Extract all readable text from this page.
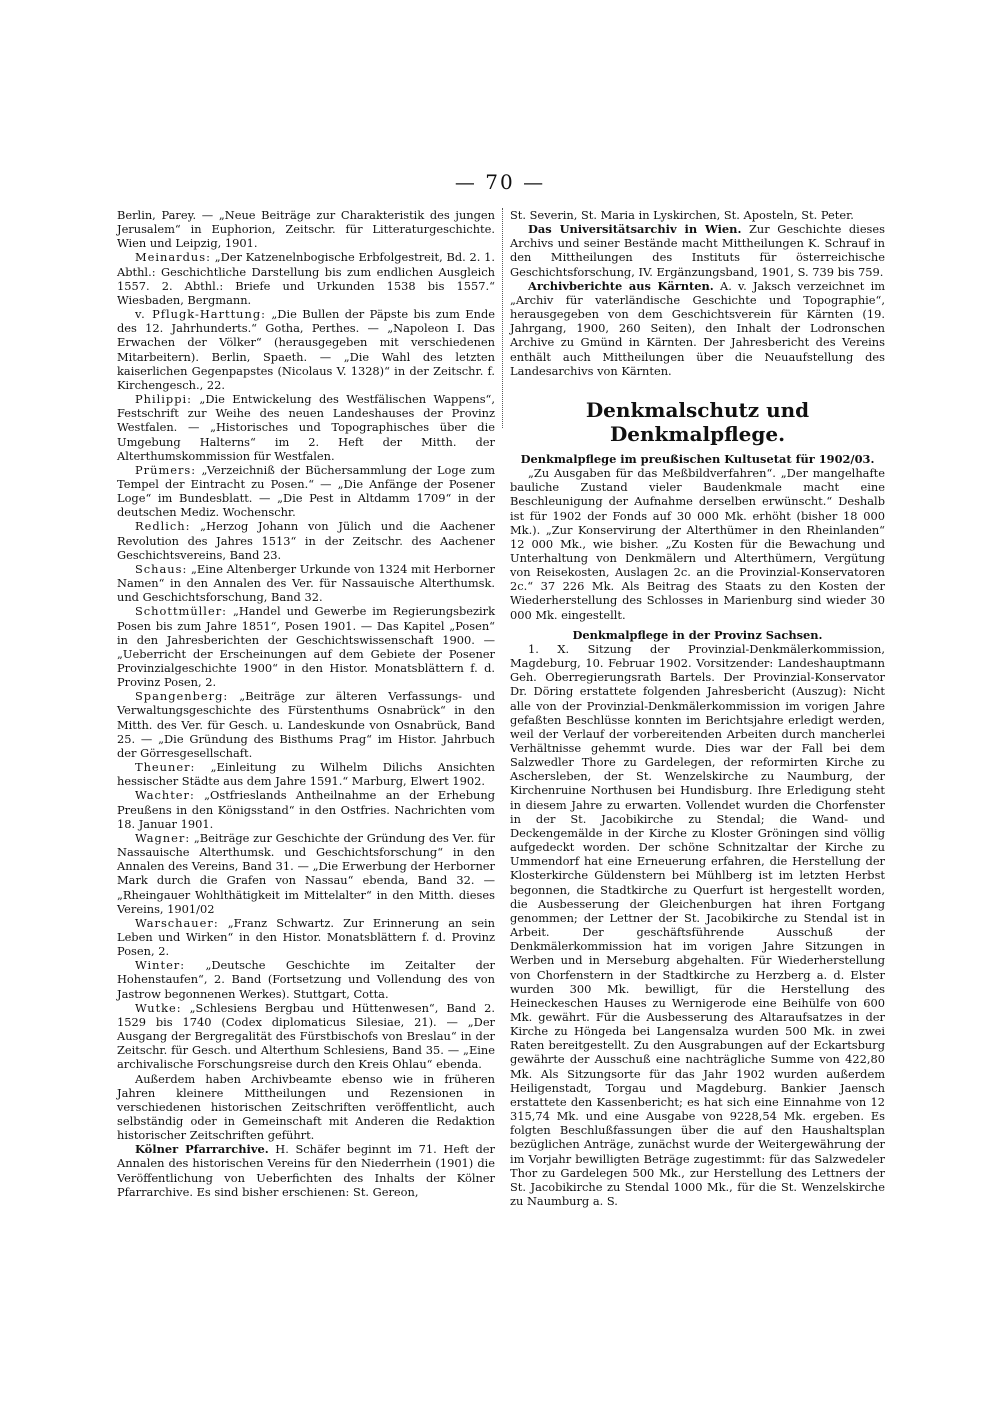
— 70 —

Berlin, Parey. — „Neue Beiträge zur Charakteristik des jungen Jerusalem“ in Euphorion, Zeitschr. für Litteraturgeschichte. Wien und Leipzig, 1901.

Meinardus: „Der Katzenelnbogische Erbfolgestreit, Bd. 2. 1. Abthl.: Geschichtliche Darstellung bis zum endlichen Ausgleich 1557. 2. Abthl.: Briefe und Urkunden 1538 bis 1557.“ Wiesbaden, Bergmann.

v. Pflugk-Harttung: „Die Bullen der Päpste bis zum Ende des 12. Jahrhunderts.“ Gotha, Perthes. — „Napoleon I. Das Erwachen der Völker“ (herausgegeben mit verschiedenen Mitarbeitern). Berlin, Spaeth. — „Die Wahl des letzten kaiserlichen Gegenpapstes (Nicolaus V. 1328)“ in der Zeitschr. f. Kirchengesch., 22.

Philippi: „Die Entwickelung des Westfälischen Wappens“, Festschrift zur Weihe des neuen Landeshauses der Provinz Westfalen. — „Historisches und Topographisches über die Umgebung Halterns“ im 2. Heft der Mitth. der Alterthumskommission für Westfalen.

Prümers: „Verzeichniß der Büchersammlung der Loge zum Tempel der Eintracht zu Posen.“ — „Die Anfänge der Posener Loge“ im Bundesblatt. — „Die Pest in Altdamm 1709“ in der deutschen Mediz. Wochenschr.

Redlich: „Herzog Johann von Jülich und die Aachener Revolution des Jahres 1513“ in der Zeitschr. des Aachener Geschichtsvereins, Band 23.

Schaus: „Eine Altenberger Urkunde von 1324 mit Herborner Namen“ in den Annalen des Ver. für Nassauische Alterthumsk. und Geschichtsforschung, Band 32.

Schottmüller: „Handel und Gewerbe im Regierungsbezirk Posen bis zum Jahre 1851“, Posen 1901. — Das Kapitel „Posen“ in den Jahresberichten der Geschichtswissenschaft 1900. — „Ueberricht der Erscheinungen auf dem Gebiete der Posener Provinzialgeschichte 1900“ in den Histor. Monatsblättern f. d. Provinz Posen, 2.

Spangenberg: „Beiträge zur älteren Verfassungs- und Verwaltungsgeschichte des Fürstenthums Osnabrück“ in den Mitth. des Ver. für Gesch. u. Landeskunde von Osnabrück, Band 25. — „Die Gründung des Bisthums Prag“ im Histor. Jahrbuch der Görresgesellschaft.

Theuner: „Einleitung zu Wilhelm Dilichs Ansichten hessischer Städte aus dem Jahre 1591.“ Marburg, Elwert 1902.

Wachter: „Ostfrieslands Antheilnahme an der Erhebung Preußens in den Königsstand“ in den Ostfries. Nachrichten vom 18. Januar 1901.

Wagner: „Beiträge zur Geschichte der Gründung des Ver. für Nassauische Alterthumsk. und Geschichtsforschung“ in den Annalen des Vereins, Band 31. — „Die Erwerbung der Herborner Mark durch die Grafen von Nassau“ ebenda, Band 32. — „Rheingauer Wohlthätigkeit im Mittelalter“ in den Mitth. dieses Vereins, 1901/02

Warschauer: „Franz Schwartz. Zur Erinnerung an sein Leben und Wirken“ in den Histor. Monatsblättern f. d. Provinz Posen, 2.

Winter: „Deutsche Geschichte im Zeitalter der Hohenstaufen“, 2. Band (Fortsetzung und Vollendung des von Jastrow begonnenen Werkes). Stuttgart, Cotta.

Wutke: „Schlesiens Bergbau und Hüttenwesen“, Band 2. 1529 bis 1740 (Codex diplomaticus Silesiae, 21). — „Der Ausgang der Bergregalität des Fürstbischofs von Breslau“ in der Zeitschr. für Gesch. und Alterthum Schlesiens, Band 35. — „Eine archivalische Forschungsreise durch den Kreis Ohlau“ ebenda.

Außerdem haben Archivbeamte ebenso wie in früheren Jahren kleinere Mittheilungen und Rezensionen in verschiedenen historischen Zeitschriften veröffentlicht, auch selbständig oder in Gemeinschaft mit Anderen die Redaktion historischer Zeitschriften geführt.

Kölner Pfarrarchive. H. Schäfer beginnt im 71. Heft der Annalen des historischen Vereins für den Niederrhein (1901) die Veröffentlichung von Ueberfichten des Inhalts der Kölner Pfarrarchive. Es sind bisher erschienen: St. Gereon,

St. Severin, St. Maria in Lyskirchen, St. Aposteln, St. Peter.

Das Universitätsarchiv in Wien. Zur Geschichte dieses Archivs und seiner Bestände macht Mittheilungen K. Schrauf in den Mittheilungen des Instituts für österreichische Geschichtsforschung, IV. Ergänzungsband, 1901, S. 739 bis 759.

Archivberichte aus Kärnten. A. v. Jaksch verzeichnet im „Archiv für vaterländische Geschichte und Topographie“, herausgegeben von dem Geschichtsverein für Kärnten (19. Jahrgang, 1900, 260 Seiten), den Inhalt der Lodronschen Archive zu Gmünd in Kärnten. Der Jahresbericht des Vereins enthält auch Mittheilungen über die Neuaufstellung des Landesarchivs von Kärnten.

Denkmalschutz und Denkmalpflege.
Denkmalpflege im preußischen Kultusetat für 1902/03.

„Zu Ausgaben für das Meßbildverfahren“. „Der mangelhafte bauliche Zustand vieler Baudenkmale macht eine Beschleunigung der Aufnahme derselben erwünscht.“ Deshalb ist für 1902 der Fonds auf 30 000 Mk. erhöht (bisher 18 000 Mk.). „Zur Konservirung der Alterthümer in den Rheinlanden“ 12 000 Mk., wie bisher. „Zu Kosten für die Bewachung und Unterhaltung von Denkmälern und Alterthümern, Vergütung von Reisekosten, Auslagen 2c. an die Provinzial-Konservatoren 2c.“ 37 226 Mk. Als Beitrag des Staats zu den Kosten der Wiederherstellung des Schlosses in Marienburg sind wieder 30 000 Mk. eingestellt.

Denkmalpflege in der Provinz Sachsen.

1. X. Sitzung der Provinzial-Denkmälerkommission, Magdeburg, 10. Februar 1902. Vorsitzender: Landeshauptmann Geh. Oberregierungsrath Bartels. Der Provinzial-Konservator Dr. Döring erstattete folgenden Jahresbericht (Auszug): Nicht alle von der Provinzial-Denkmälerkommission im vorigen Jahre gefaßten Beschlüsse konnten im Berichtsjahre erledigt werden, weil der Verlauf der vorbereitenden Arbeiten durch mancherlei Verhältnisse gehemmt wurde. Dies war der Fall bei dem Salzwedler Thore zu Gardelegen, der reformirten Kirche zu Aschersleben, der St. Wenzelskirche zu Naumburg, der Kirchenruine Northusen bei Hundisburg. Ihre Erledigung steht in diesem Jahre zu erwarten. Vollendet wurden die Chorfenster in der St. Jacobikirche zu Stendal; die Wand- und Deckengemälde in der Kirche zu Kloster Gröningen sind völlig aufgedeckt worden. Der schöne Schnitzaltar der Kirche zu Ummendorf hat eine Erneuerung erfahren, die Herstellung der Klosterkirche Güldenstern bei Mühlberg ist im letzten Herbst begonnen, die Stadtkirche zu Querfurt ist hergestellt worden, die Ausbesserung der Gleichenburgen hat ihren Fortgang genommen; der Lettner der St. Jacobikirche zu Stendal ist in Arbeit. Der geschäftsführende Ausschuß der Denkmälerkommission hat im vorigen Jahre Sitzungen in Werben und in Merseburg abgehalten. Für Wiederherstellung von Chorfenstern in der Stadtkirche zu Herzberg a. d. Elster wurden 300 Mk. bewilligt, für die Herstellung des Heineckeschen Hauses zu Wernigerode eine Beihülfe von 600 Mk. gewährt. Für die Ausbesserung des Altaraufsatzes in der Kirche zu Höngeda bei Langensalza wurden 500 Mk. in zwei Raten bereitgestellt. Zu den Ausgrabungen auf der Eckartsburg gewährte der Ausschuß eine nachträgliche Summe von 422,80 Mk. Als Sitzungsorte für das Jahr 1902 wurden außerdem Heiligenstadt, Torgau und Magdeburg. Bankier Jaensch erstattete den Kassenbericht; es hat sich eine Einnahme von 12 315,74 Mk. und eine Ausgabe von 9228,54 Mk. ergeben. Es folgten Beschlußfassungen über die auf den Haushaltsplan bezüglichen Anträge, zunächst wurde der Weitergewährung der im Vorjahr bewilligten Beträge zugestimmt: für das Salzwedeler Thor zu Gardelegen 500 Mk., zur Herstellung des Lettners der St. Jacobikirche zu Stendal 1000 Mk., für die St. Wenzelskirche zu Naumburg a. S.
